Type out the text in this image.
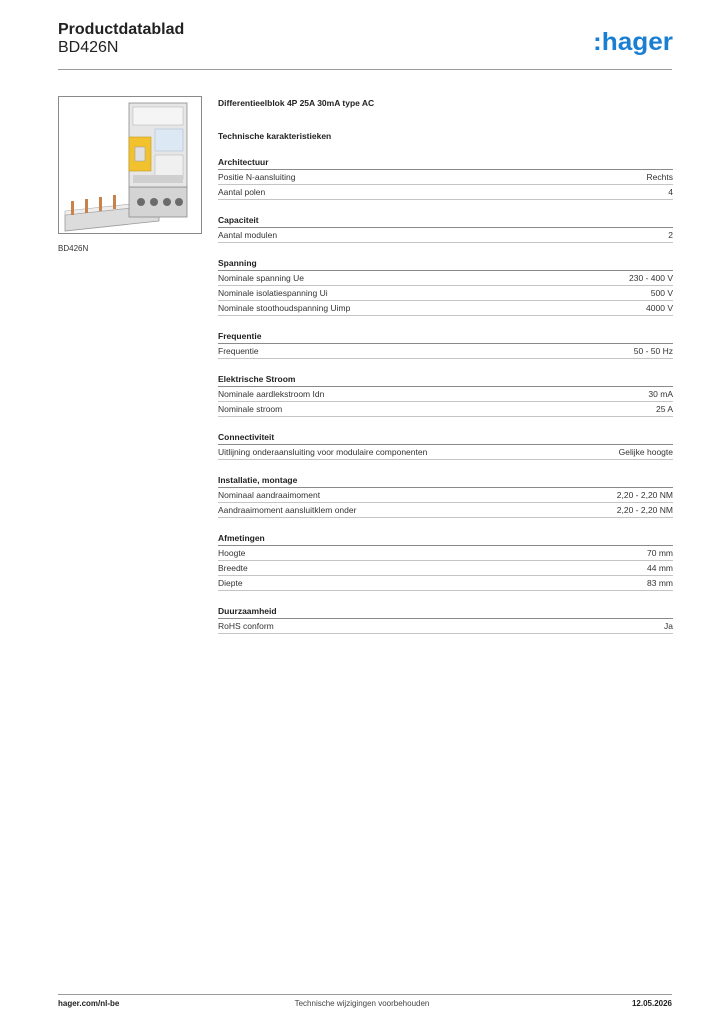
Productdatablad
BD426N	:hager
BD426N
Differentieelblok 4P 25A 30mA type AC
Technische karakteristieken
Architectuur
Positie N-aansluiting	Rechts
Aantal polen	4
Capaciteit
Aantal modulen	2
Spanning
Nominale spanning Ue	230 - 400 V
Nominale isolatiespanning Ui	500 V
Nominale stoothoudspanning Uimp	4000 V
Frequentie
Frequentie	50 - 50 Hz
Elektrische Stroom
Nominale aardlekstroom Idn	30 mA
Nominale stroom	25 A
Connectiviteit
Uitlijning onderaansluiting voor modulaire componenten	Gelijke hoogte
Installatie, montage
Nominaal aandraaimoment	2,20 - 2,20 NM
Aandraaimoment aansluitklem onder	2,20 - 2,20 NM
Afmetingen
Hoogte	70 mm
Breedte	44 mm
Diepte	83 mm
Duurzaamheid
RoHS conform	Ja
hager.com/nl-be	Technische wijzigingen voorbehouden	12.05.2026
